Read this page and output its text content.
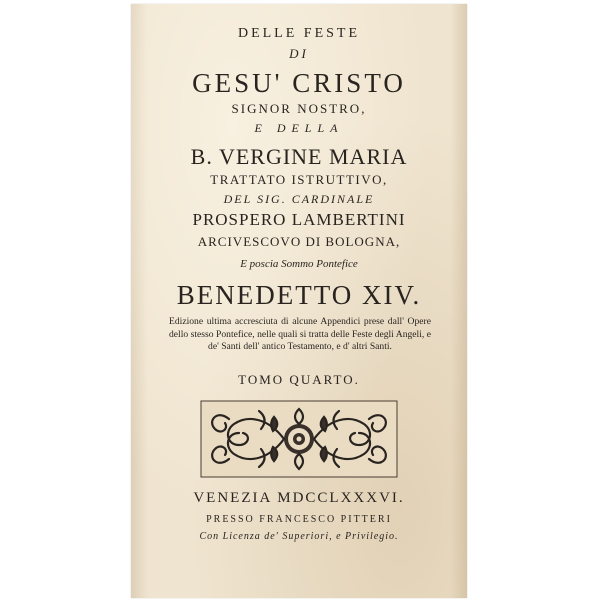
DELLE FESTE
DI
GESU' CRISTO
SIGNOR NOSTRO,
E DELLA
B. VERGINE MARIA
TRATTATO ISTRUTTIVO,
DEL SIG. CARDINALE
PROSPERO LAMBERTINI
ARCIVESCOVO DI BOLOGNA,
E poscia Sommo Pontefice
BENEDETTO XIV.
Edizione ultima accresciuta di alcune Appendici prese dall' Opere dello stesso Pontefice, nelle quali si tratta delle Feste degli Angeli, e de' Santi dell' antico Testamento, e d' altri Santi.
TOMO QUARTO.
VENEZIA MDCCLXXXVI.
PRESSO FRANCESCO PITTERI
Con Licenza de' Superiori, e Privilegio.
